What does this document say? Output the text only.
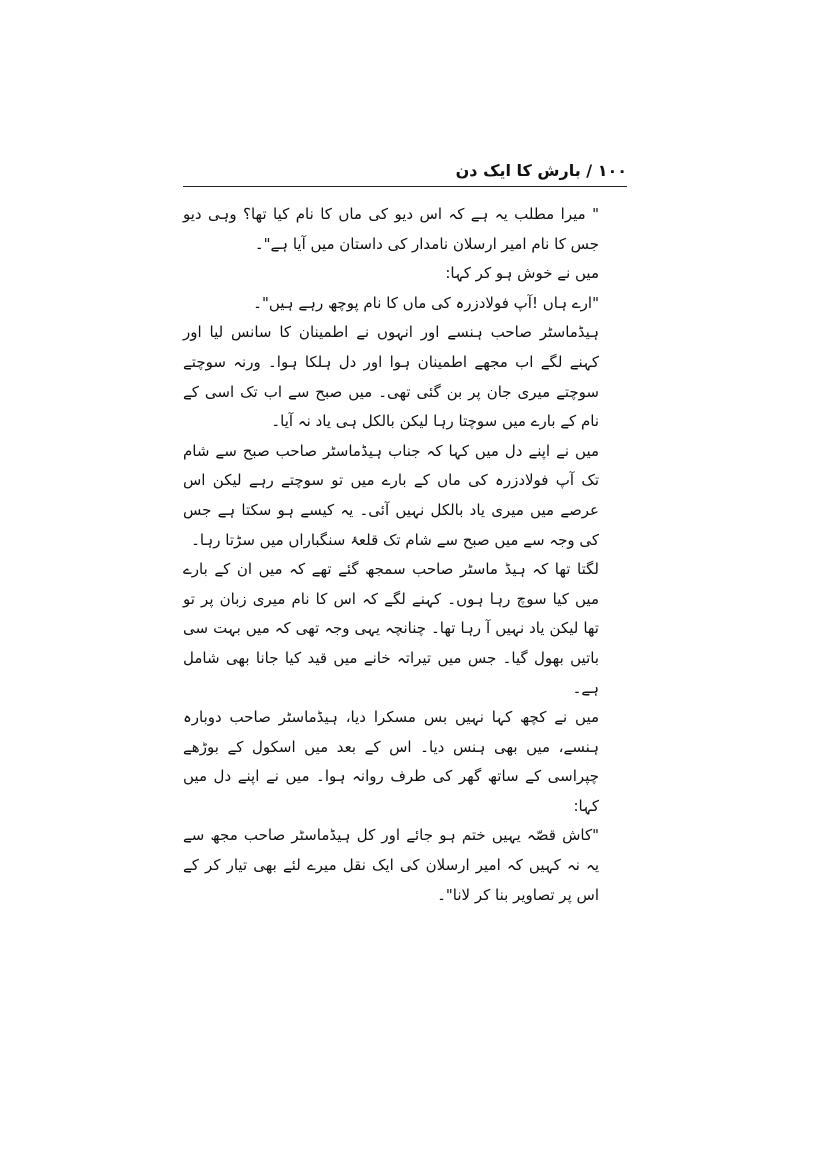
۱۰۰ / بارش کا ایک دن

" میرا مطلب یہ ہے کہ اس دیو کی ماں کا نام کیا تھا؟ وہی دیو جس کا نام امیر ارسلان نامدار کی داستان میں آیا ہے"۔

میں نے خوش ہو کر کہا:

"ارے ہاں !آپ فولادزرہ کی ماں کا نام پوچھ رہے ہیں"۔

ہیڈماسٹر صاحب ہنسے اور انہوں نے اطمینان کا سانس لیا اور کہنے لگے اب مجھے اطمینان ہوا اور دل ہلکا ہوا۔ ورنہ سوچتے سوچتے میری جان پر بن گئی تھی۔ میں صبح سے اب تک اسی کے نام کے بارے میں سوچتا رہا لیکن بالکل ہی یاد نہ آیا۔

میں نے اپنے دل میں کہا کہ جناب ہیڈماسٹر صاحب صبح سے شام تک آپ فولادزرہ کی ماں کے بارے میں تو سوچتے رہے لیکن اس عرصے میں میری یاد بالکل نہیں آئی۔ یہ کیسے ہو سکتا ہے جس کی وجہ سے میں صبح سے شام تک قلعۂ سنگباراں میں سڑتا رہا۔

لگتا تھا کہ ہیڈ ماسٹر صاحب سمجھ گئے تھے کہ میں ان کے بارے میں کیا سوچ رہا ہوں۔ کہنے لگے کہ اس کا نام میری زبان پر تو تھا لیکن یاد نہیں آ رہا تھا۔ چنانچہ یہی وجہ تھی کہ میں بہت سی باتیں بھول گیا۔ جس میں تیراتہ خانے میں قید کیا جانا بھی شامل ہے۔

میں نے کچھ کہا نہیں بس مسکرا دیا، ہیڈماسٹر صاحب دوبارہ ہنسے، میں بھی ہنس دیا۔ اس کے بعد میں اسکول کے بوڑھے چپراسی کے ساتھ گھر کی طرف روانہ ہوا۔ میں نے اپنے دل میں کہا:

"کاش قصّہ یہیں ختم ہو جائے اور کل ہیڈماسٹر صاحب مجھ سے یہ نہ کہیں کہ امیر ارسلان کی ایک نقل میرے لئے بھی تیار کر کے اس پر تصاویر بنا کر لانا"۔
